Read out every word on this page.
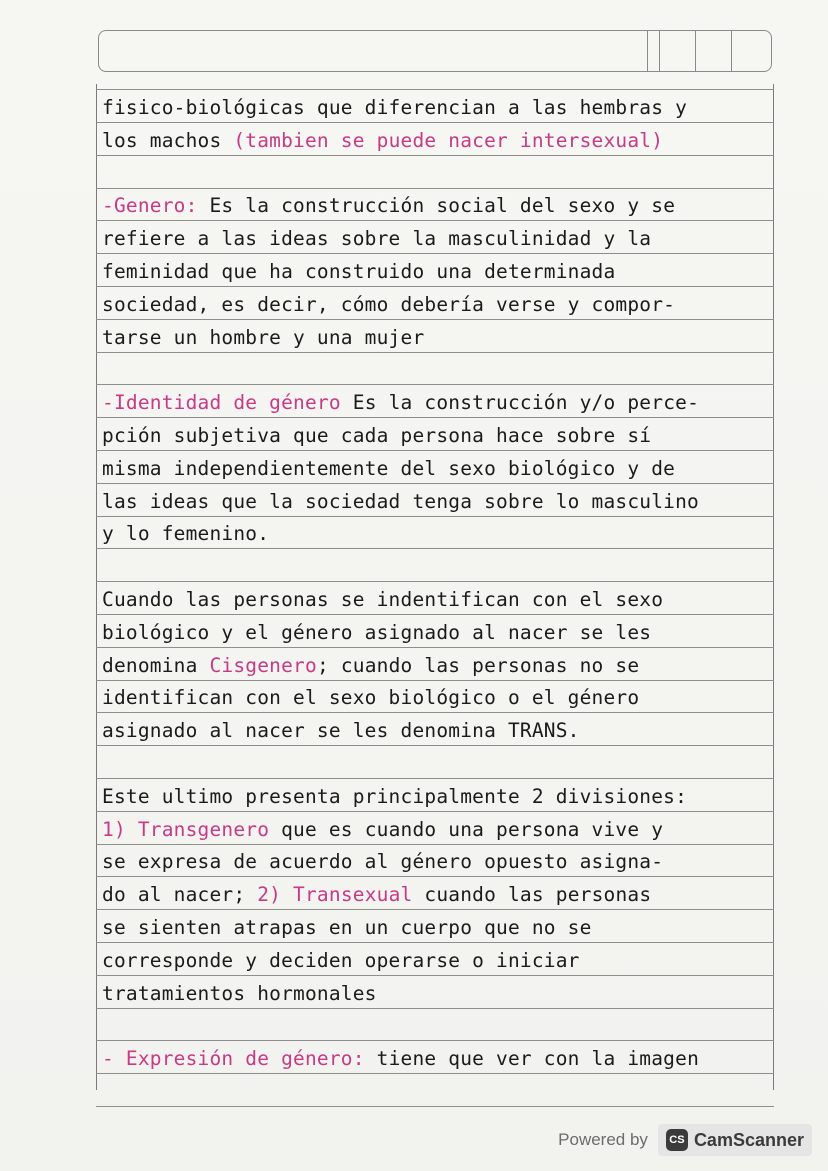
fisico-biológicas que diferencian a las hembras y
los machos (tambien se puede nacer intersexual)
-Genero: Es la construcción social del sexo y se
refiere a las ideas sobre la masculinidad y la
feminidad que ha construido una determinada
sociedad, es decir, cómo debería verse y compor-
tarse un hombre y una mujer
-Identidad de género Es la construcción y/o perce-
pción subjetiva que cada persona hace sobre sí
misma independientemente del sexo biológico y de
las ideas que la sociedad tenga sobre lo masculino
y lo femenino.
Cuando las personas se indentifican con el sexo
biológico y el género asignado al nacer se les
denomina Cisgenero; cuando las personas no se
identifican con el sexo biológico o el género
asignado al nacer se les denomina TRANS.
Este ultimo presenta principalmente 2 divisiones:
1) Transgenero que es cuando una persona vive y
se expresa de acuerdo al género opuesto asigna-
do al nacer; 2) Transexual cuando las personas
se sienten atrapas en un cuerpo que no se
corresponde y deciden operarse o iniciar
tratamientos hormonales
- Expresión de género: tiene que ver con la imagen
Powered by	CS CamScanner
